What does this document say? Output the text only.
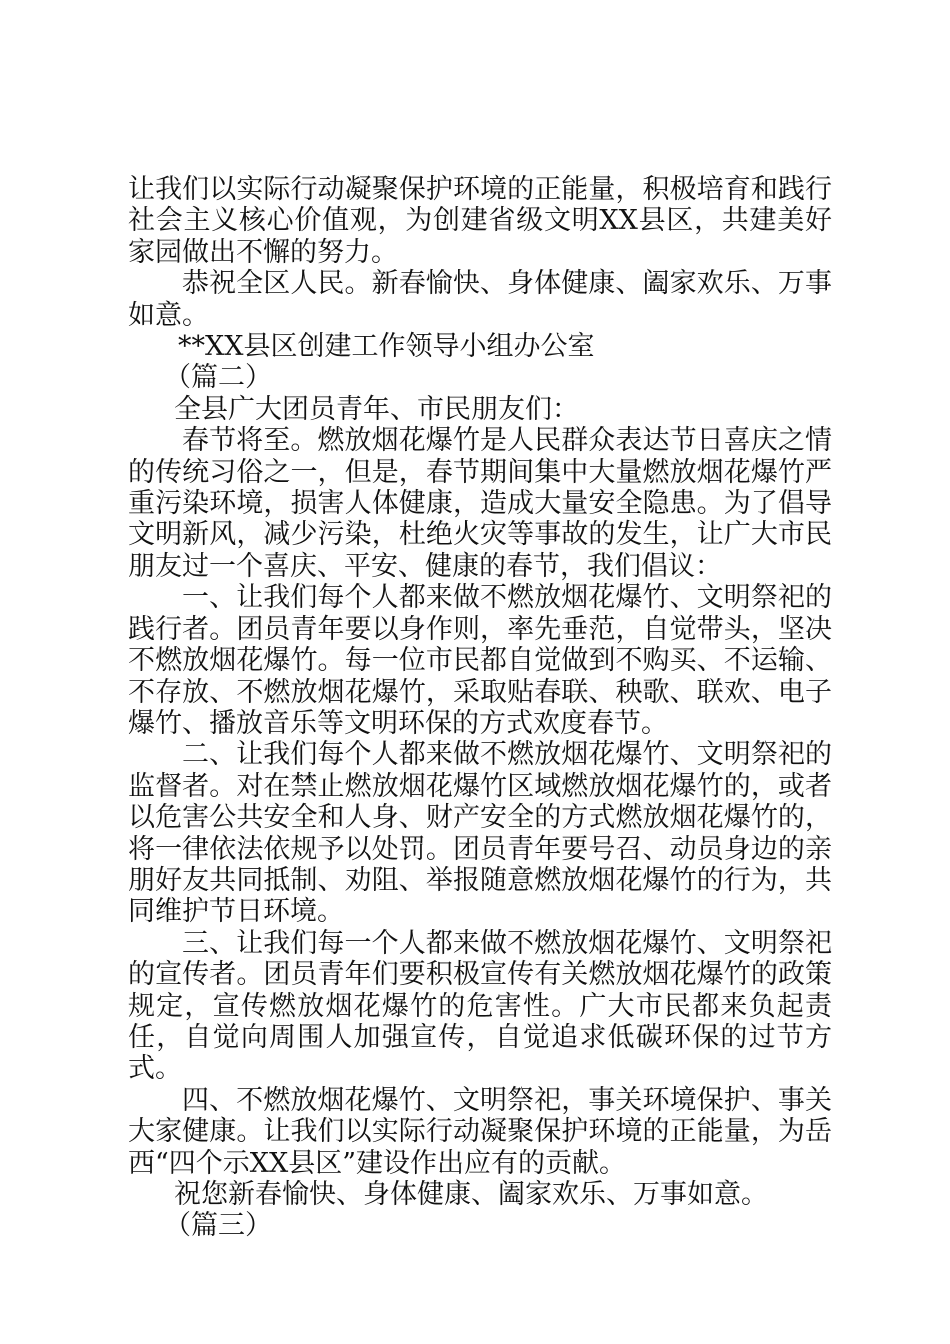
让我们以实际行动凝聚保护环境的正能量，积极培育和践行社会主义核心价值观，为创建省级文明XX县区，共建美好家园做出不懈的努力。

恭祝全区人民。新春愉快、身体健康、阖家欢乐、万事如意。

**XX县区创建工作领导小组办公室

（篇二）

全县广大团员青年、市民朋友们：

春节将至。燃放烟花爆竹是人民群众表达节日喜庆之情的传统习俗之一，但是，春节期间集中大量燃放烟花爆竹严重污染环境，损害人体健康，造成大量安全隐患。为了倡导文明新风，减少污染，杜绝火灾等事故的发生，让广大市民朋友过一个喜庆、平安、健康的春节，我们倡议：

一、让我们每个人都来做不燃放烟花爆竹、文明祭祀的践行者。团员青年要以身作则，率先垂范，自觉带头，坚决不燃放烟花爆竹。每一位市民都自觉做到不购买、不运输、不存放、不燃放烟花爆竹，采取贴春联、秧歌、联欢、电子爆竹、播放音乐等文明环保的方式欢度春节。

二、让我们每个人都来做不燃放烟花爆竹、文明祭祀的监督者。对在禁止燃放烟花爆竹区域燃放烟花爆竹的，或者以危害公共安全和人身、财产安全的方式燃放烟花爆竹的，将一律依法依规予以处罚。团员青年要号召、动员身边的亲朋好友共同抵制、劝阻、举报随意燃放烟花爆竹的行为，共同维护节日环境。

三、让我们每一个人都来做不燃放烟花爆竹、文明祭祀的宣传者。团员青年们要积极宣传有关燃放烟花爆竹的政策规定，宣传燃放烟花爆竹的危害性。广大市民都来负起责任，自觉向周围人加强宣传，自觉追求低碳环保的过节方式。

四、不燃放烟花爆竹、文明祭祀，事关环境保护、事关大家健康。让我们以实际行动凝聚保护环境的正能量，为岳西“四个示XX县区”建设作出应有的贡献。

祝您新春愉快、身体健康、阖家欢乐、万事如意。

（篇三）
